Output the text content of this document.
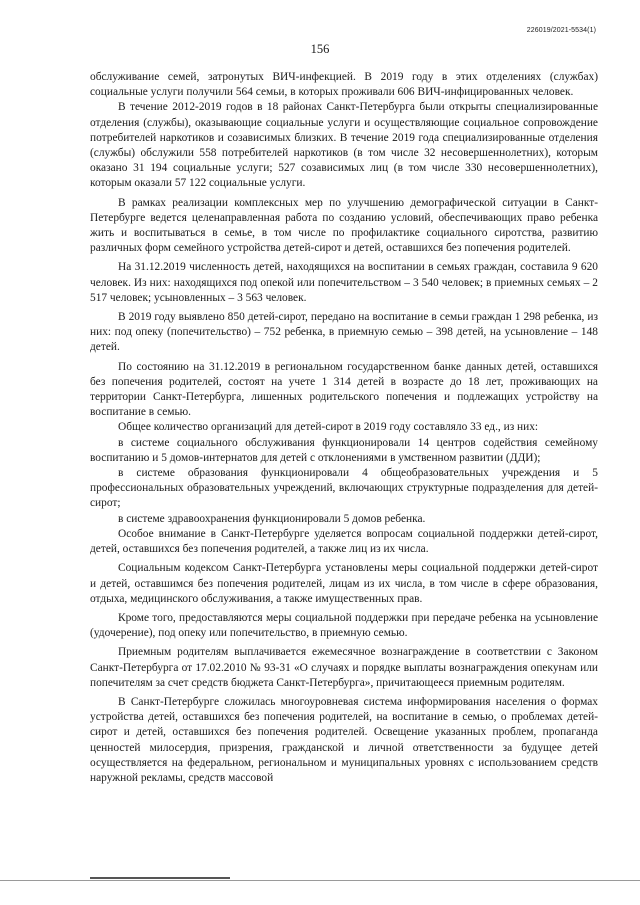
226019/2021-5534(1)
156

обслуживание семей, затронутых ВИЧ-инфекцией. В 2019 году в этих отделениях (службах) социальные услуги получили 564 семьи, в которых проживали 606 ВИЧ-инфицированных человек.

В течение 2012-2019 годов в 18 районах Санкт-Петербурга были открыты специализированные отделения (службы), оказывающие социальные услуги и осуществляющие социальное сопровождение потребителей наркотиков и созависимых близких. В течение 2019 года специализированные отделения (службы) обслужили 558 потребителей наркотиков (в том числе 32 несовершеннолетних), которым оказано 31 194 социальные услуги; 527 созависимых лиц (в том числе 330 несовершеннолетних), которым оказали 57 122 социальные услуги.

В рамках реализации комплексных мер по улучшению демографической ситуации в Санкт-Петербурге ведется целенаправленная работа по созданию условий, обеспечивающих право ребенка жить и воспитываться в семье, в том числе по профилактике социального сиротства, развитию различных форм семейного устройства детей-сирот и детей, оставшихся без попечения родителей.

На 31.12.2019 численность детей, находящихся на воспитании в семьях граждан, составила 9 620 человек. Из них: находящихся под опекой или попечительством – 3 540 человек; в приемных семьях – 2 517 человек; усыновленных – 3 563 человек.

В 2019 году выявлено 850 детей-сирот, передано на воспитание в семьи граждан 1 298 ребенка, из них: под опеку (попечительство) – 752 ребенка, в приемную семью – 398 детей, на усыновление – 148 детей.

По состоянию на 31.12.2019 в региональном государственном банке данных детей, оставшихся без попечения родителей, состоят на учете 1 314 детей в возрасте до 18 лет, проживающих на территории Санкт-Петербурга, лишенных родительского попечения и подлежащих устройству на воспитание в семью.

Общее количество организаций для детей-сирот в 2019 году составляло 33 ед., из них:

в системе социального обслуживания функционировали 14 центров содействия семейному воспитанию и 5 домов-интернатов для детей с отклонениями в умственном развитии (ДДИ);

в системе образования функционировали 4 общеобразовательных учреждения и 5 профессиональных образовательных учреждений, включающих структурные подразделения для детей-сирот;

в системе здравоохранения функционировали 5 домов ребенка.

Особое внимание в Санкт-Петербурге уделяется вопросам социальной поддержки детей-сирот, детей, оставшихся без попечения родителей, а также лиц из их числа.

Социальным кодексом Санкт-Петербурга установлены меры социальной поддержки детей-сирот и детей, оставшимся без попечения родителей, лицам из их числа, в том числе в сфере образования, отдыха, медицинского обслуживания, а также имущественных прав.

Кроме того, предоставляются меры социальной поддержки при передаче ребенка на усыновление (удочерение), под опеку или попечительство, в приемную семью.

Приемным родителям выплачивается ежемесячное вознаграждение в соответствии с Законом Санкт-Петербурга от 17.02.2010 № 93-31 «О случаях и порядке выплаты вознаграждения опекунам или попечителям за счет средств бюджета Санкт-Петербурга», причитающееся приемным родителям.

В Санкт-Петербурге сложилась многоуровневая система информирования населения о формах устройства детей, оставшихся без попечения родителей, на воспитание в семью, о проблемах детей-сирот и детей, оставшихся без попечения родителей. Освещение указанных проблем, пропаганда ценностей милосердия, призрения, гражданской и личной ответственности за будущее детей осуществляется на федеральном, региональном и муниципальных уровнях с использованием средств наружной рекламы, средств массовой
